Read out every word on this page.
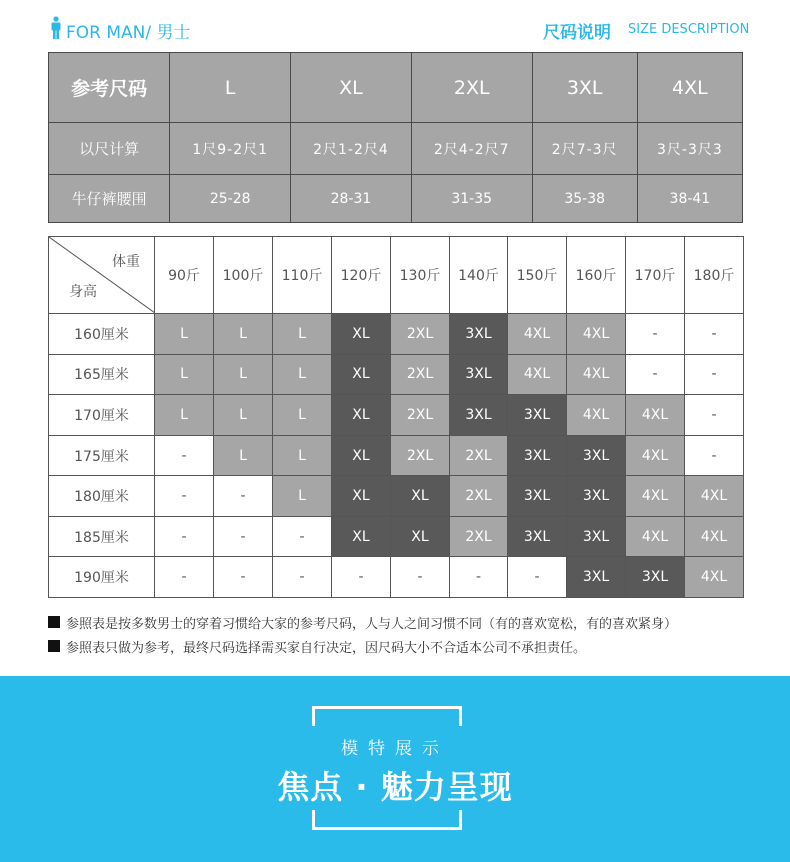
FOR MAN/ 男士	尺码说明 SIZE DESCRIPTION
参考尺码	L	XL	2XL	3XL	4XL
以尺计算	1尺9-2尺1	2尺1-2尺4	2尺4-2尺7	2尺7-3尺	3尺-3尺3
牛仔裤腰围	25-28	28-31	31-35	35-38	38-41
体重
身高	90斤	100斤	110斤	120斤	130斤	140斤	150斤	160斤	170斤	180斤
160厘米	L	L	L	XL	2XL	3XL	4XL	4XL	-	-
165厘米	L	L	L	XL	2XL	3XL	4XL	4XL	-	-
170厘米	L	L	L	XL	2XL	3XL	3XL	4XL	4XL	-
175厘米	-	L	L	XL	2XL	2XL	3XL	3XL	4XL	-
180厘米	-	-	L	XL	XL	2XL	3XL	3XL	4XL	4XL
185厘米	-	-	-	XL	XL	2XL	3XL	3XL	4XL	4XL
190厘米	-	-	-	-	-	-	-	3XL	3XL	4XL
参照表是按多数男士的穿着习惯给大家的参考尺码，人与人之间习惯不同（有的喜欢宽松，有的喜欢紧身）
参照表只做为参考，最终尺码选择需买家自行决定，因尺码大小不合适本公司不承担责任。
模特展示
焦点 · 魅力呈现
